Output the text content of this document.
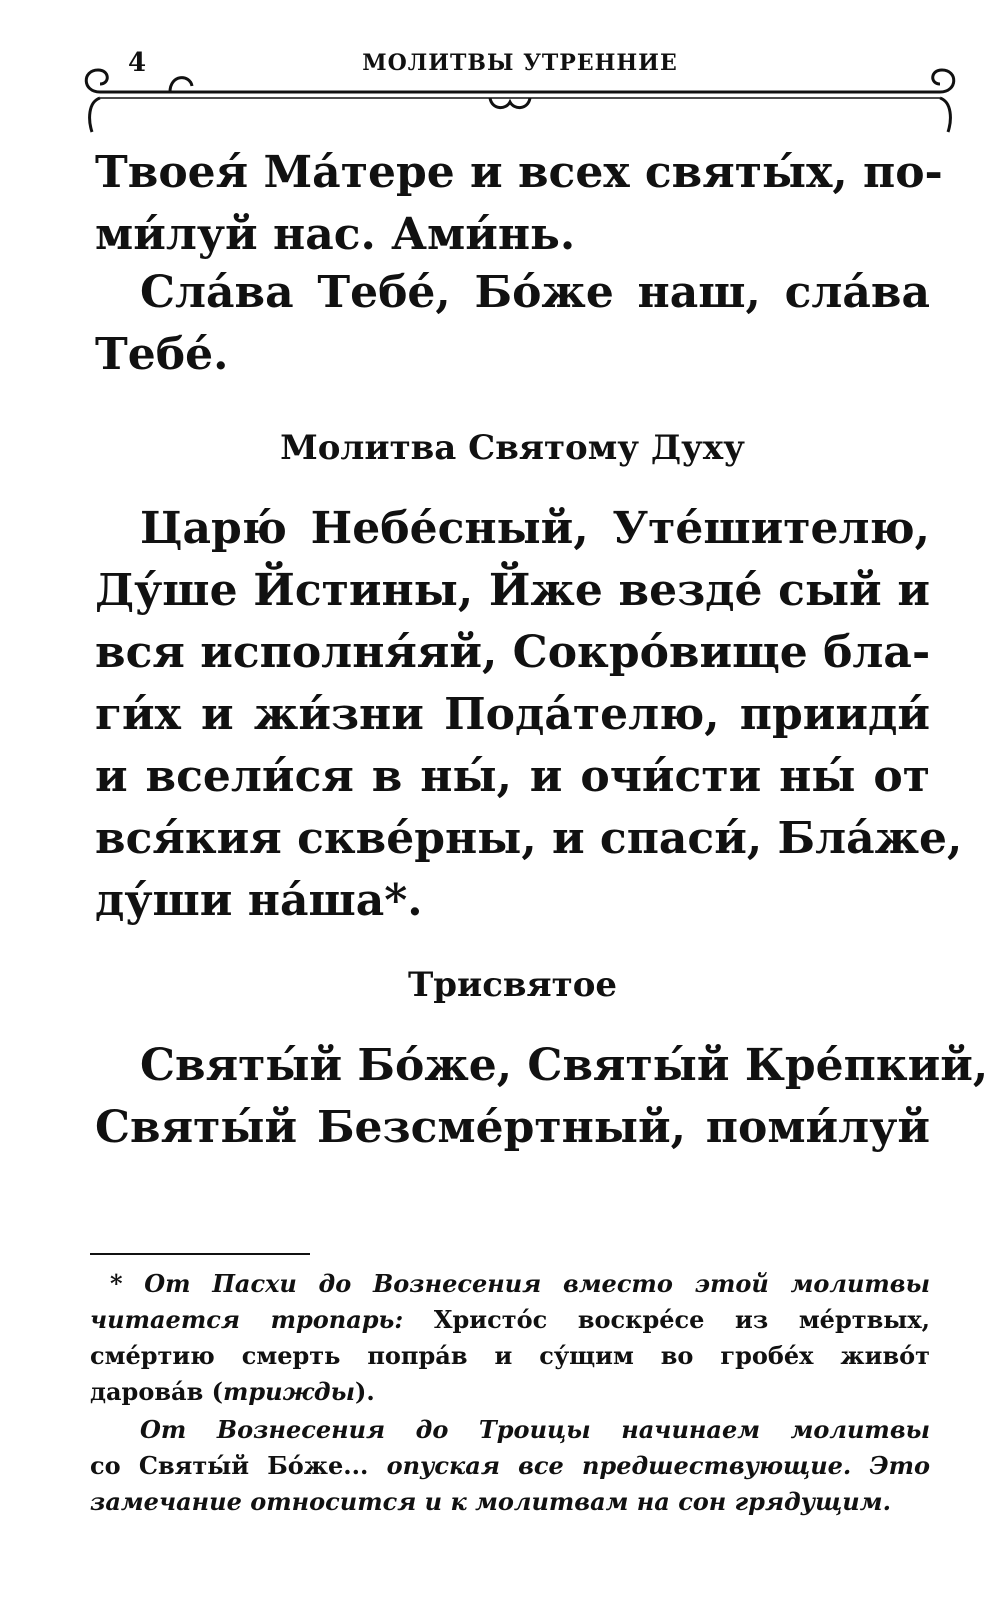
4	МОЛИТВЫ УТРЕННИЕ

Твоея́ Ма́тере и всех святы́х, по-
ми́луй нас. Ами́нь.

Сла́ва Тебе́, Бо́же наш, сла́ва

Тебе́.

Молитва Святому Духу

Царю́ Небе́сный, Уте́шителю,

Ду́ше Йстины, Йже везде́ сый и
вся исполня́яй, Сокро́вище бла-
ги́х и жи́зни Пода́телю, прииди́
и всели́ся в ны́, и очи́сти ны́ от
вся́кия скве́рны, и спаси́, Бла́же,
ду́ши на́ша*.

Трисвятое

Святы́й Бо́же, Святы́й Кре́пкий,

Святы́й Безсме́ртный, поми́луй

* От Пасхи до Вознесения вместо этой молитвы

читается тропарь: Христо́с воскре́се из ме́ртвых,
сме́ртию смерть попра́в и су́щим во гробе́х живо́т
дарова́в (трижды).

От Вознесения до Троицы начинаем молитвы

со Святы́й Бо́же... опуская все предшествующие. Это
замечание относится и к молитвам на сон грядущим.
